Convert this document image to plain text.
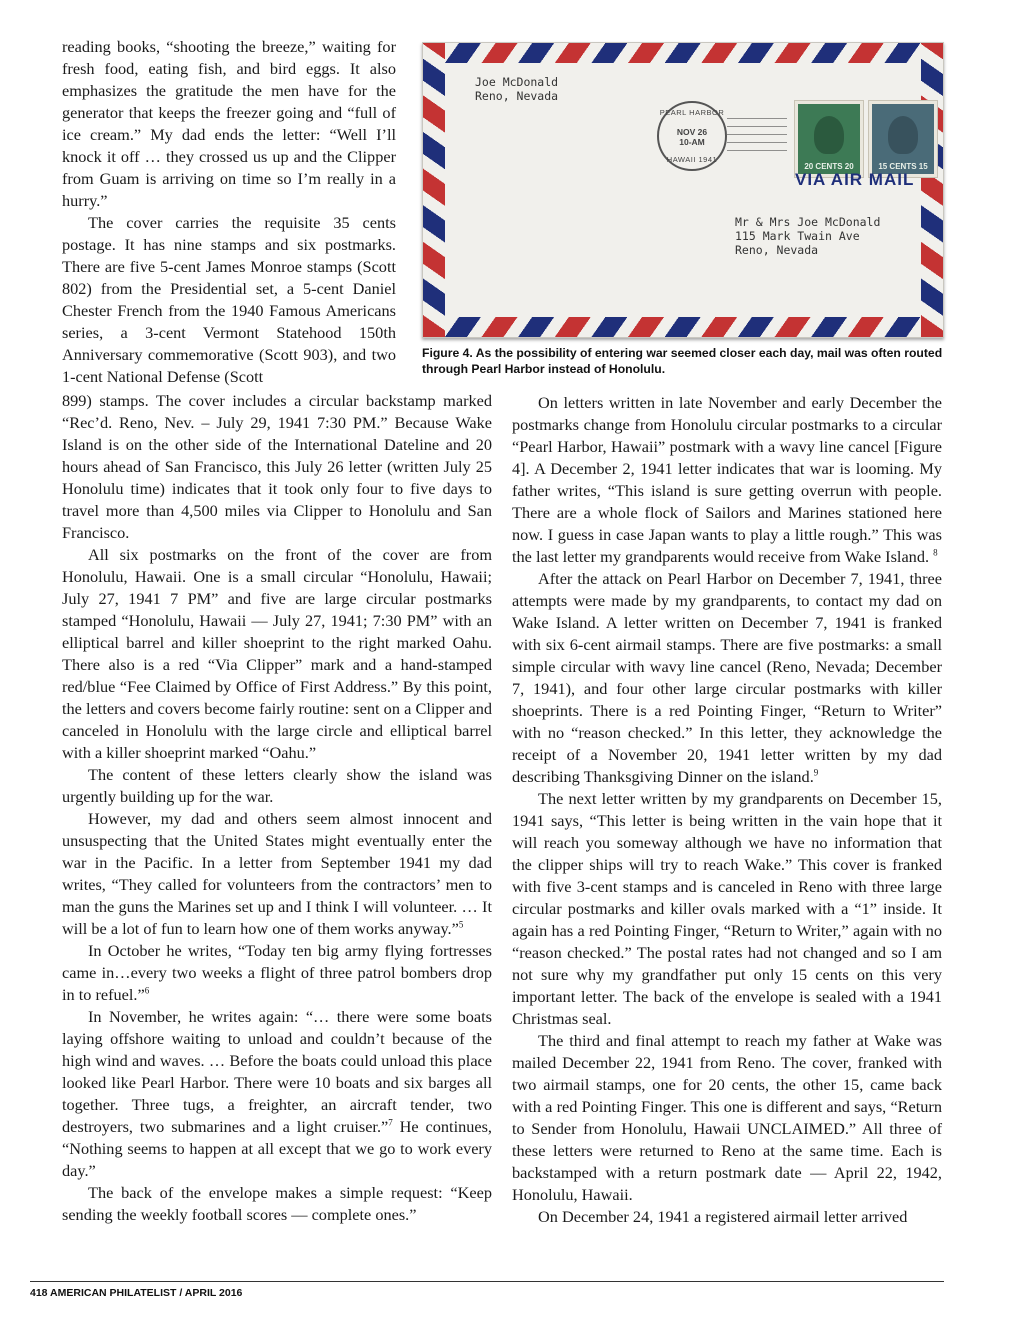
Joe McDonald
Reno, Nevada
PEARL HARBOR
NOV 26
10-AM
HAWAII 1941
20 CENTS 20	15 CENTS 15
VIA AIR MAIL
Mr & Mrs Joe McDonald
115 Mark Twain Ave
Reno, Nevada
Figure 4. As the possibility of entering war seemed closer each day, mail was often routed through Pearl Harbor instead of Honolulu.

reading books, “shooting the breeze,” waiting for fresh food, eating fish, and bird eggs. It also emphasizes the gratitude the men have for the generator that keeps the freezer going and “full of ice cream.” My dad ends the letter: “Well I’ll knock it off … they crossed us up and the Clipper from Guam is arriving on time so I’m really in a hurry.”

The cover carries the requisite 35 cents postage. It has nine stamps and six postmarks. There are five 5-cent James Monroe stamps (Scott 802) from the Presidential set, a 5-cent Daniel Chester French from the 1940 Famous Americans series, a 3-cent Vermont Statehood 150th Anniversary commemorative (Scott 903), and two 1-cent National Defense (Scott

899) stamps. The cover includes a circular backstamp marked “Rec’d. Reno, Nev. – July 29, 1941 7:30 PM.” Because Wake Island is on the other side of the International Dateline and 20 hours ahead of San Francisco, this July 26 letter (written July 25 Honolulu time) indicates that it took only four to five days to travel more than 4,500 miles via Clipper to Honolulu and San Francisco.

All six postmarks on the front of the cover are from Honolulu, Hawaii. One is a small circular “Honolulu, Hawaii; July 27, 1941 7 PM” and five are large circular postmarks stamped “Honolulu, Hawaii — July 27, 1941; 7:30 PM” with an elliptical barrel and killer shoeprint to the right marked Oahu. There also is a red “Via Clipper” mark and a hand-stamped red/blue “Fee Claimed by Office of First Address.” By this point, the letters and covers become fairly routine: sent on a Clipper and canceled in Honolulu with the large circle and elliptical barrel with a killer shoeprint marked “Oahu.”

The content of these letters clearly show the island was urgently building up for the war.

However, my dad and others seem almost innocent and unsuspecting that the United States might eventually enter the war in the Pacific. In a letter from September 1941 my dad writes, “They called for volunteers from the contractors’ men to man the guns the Marines set up and I think I will volunteer. … It will be a lot of fun to learn how one of them works anyway.”$^5$

In October he writes, “Today ten big army flying fortresses came in…every two weeks a flight of three patrol bombers drop in to refuel.”$^6$

In November, he writes again: “… there were some boats laying offshore waiting to unload and couldn’t because of the high wind and waves. … Before the boats could unload this place looked like Pearl Harbor. There were 10 boats and six barges all together. Three tugs, a freighter, an aircraft tender, two destroyers, two submarines and a light cruiser.”$^7$ He continues, “Nothing seems to happen at all except that we go to work every day.”

The back of the envelope makes a simple request: “Keep sending the weekly football scores — complete ones.”

On letters written in late November and early December the postmarks change from Honolulu circular postmarks to a circular “Pearl Harbor, Hawaii” postmark with a wavy line cancel [Figure 4]. A December 2, 1941 letter indicates that war is looming. My father writes, “This island is sure getting overrun with people. There are a whole flock of Sailors and Marines stationed here now. I guess in case Japan wants to play a little rough.” This was the last letter my grandparents would receive from Wake Island. $^8$

After the attack on Pearl Harbor on December 7, 1941, three attempts were made by my grandparents, to contact my dad on Wake Island. A letter written on December 7, 1941 is franked with six 6-cent airmail stamps. There are five postmarks: a small simple circular with wavy line cancel (Reno, Nevada; December 7, 1941), and four other large circular postmarks with killer shoeprints. There is a red Pointing Finger, “Return to Writer” with no “reason checked.” In this letter, they acknowledge the receipt of a November 20, 1941 letter written by my dad describing Thanksgiving Dinner on the island.$^9$

The next letter written by my grandparents on December 15, 1941 says, “This letter is being written in the vain hope that it will reach you someway although we have no information that the clipper ships will try to reach Wake.” This cover is franked with five 3-cent stamps and is canceled in Reno with three large circular postmarks and killer ovals marked with a “1” inside. It again has a red Pointing Finger, “Return to Writer,” again with no “reason checked.” The postal rates had not changed and so I am not sure why my grandfather put only 15 cents on this very important letter. The back of the envelope is sealed with a 1941 Christmas seal.

The third and final attempt to reach my father at Wake was mailed December 22, 1941 from Reno. The cover, franked with two airmail stamps, one for 20 cents, the other 15, came back with a red Pointing Finger. This one is different and says, “Return to Sender from Honolulu, Hawaii UNCLAIMED.” All three of these letters were returned to Reno at the same time. Each is backstamped with a return postmark date — April 22, 1942, Honolulu, Hawaii.

On December 24, 1941 a registered airmail letter arrived

418 AMERICAN PHILATELIST / APRIL 2016
